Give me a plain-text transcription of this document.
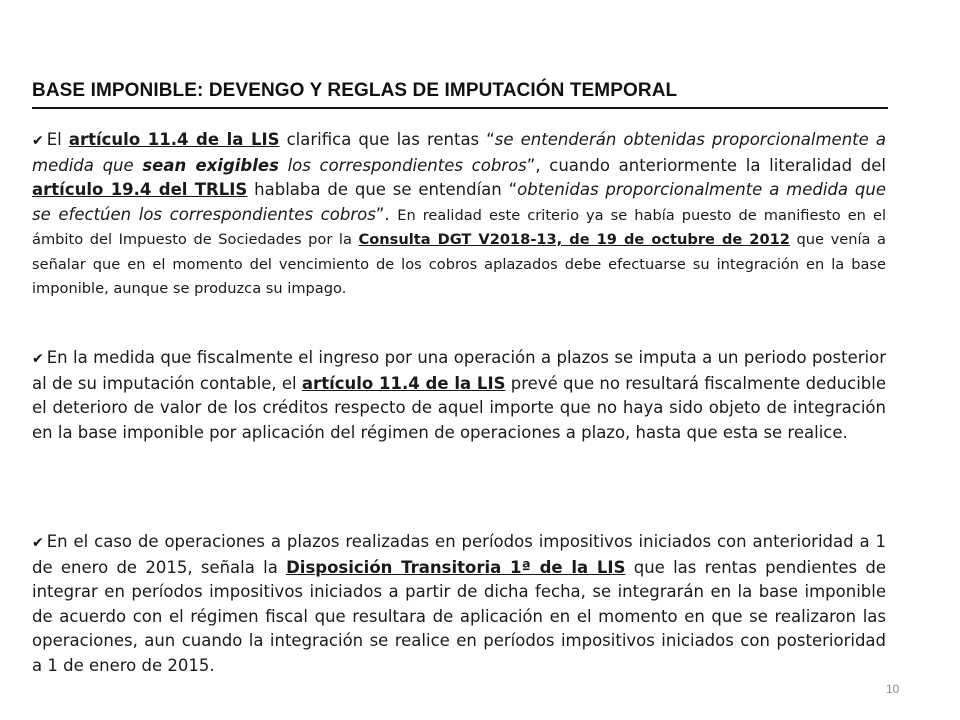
BASE IMPONIBLE: DEVENGO Y REGLAS DE IMPUTACIÓN TEMPORAL
✔ El artículo 11.4 de la LIS clarifica que las rentas “se entenderán obtenidas proporcionalmente a medida que sean exigibles los correspondientes cobros”, cuando anteriormente la literalidad del artículo 19.4 del TRLIS hablaba de que se entendían “obtenidas proporcionalmente a medida que se efectúen los correspondientes cobros”. En realidad este criterio ya se había puesto de manifiesto en el ámbito del Impuesto de Sociedades por la Consulta DGT V2018-13, de 19 de octubre de 2012 que venía a señalar que en el momento del vencimiento de los cobros aplazados debe efectuarse su integración en la base imponible, aunque se produzca su impago.
✔ En la medida que fiscalmente el ingreso por una operación a plazos se imputa a un periodo posterior al de su imputación contable, el artículo 11.4 de la LIS prevé que no resultará fiscalmente deducible el deterioro de valor de los créditos respecto de aquel importe que no haya sido objeto de integración en la base imponible por aplicación del régimen de operaciones a plazo, hasta que esta se realice.
✔ En el caso de operaciones a plazos realizadas en períodos impositivos iniciados con anterioridad a 1 de enero de 2015, señala la Disposición Transitoria 1ª de la LIS que las rentas pendientes de integrar en períodos impositivos iniciados a partir de dicha fecha, se integrarán en la base imponible de acuerdo con el régimen fiscal que resultara de aplicación en el momento en que se realizaron las operaciones, aun cuando la integración se realice en períodos impositivos iniciados con posterioridad a 1 de enero de 2015.
10
